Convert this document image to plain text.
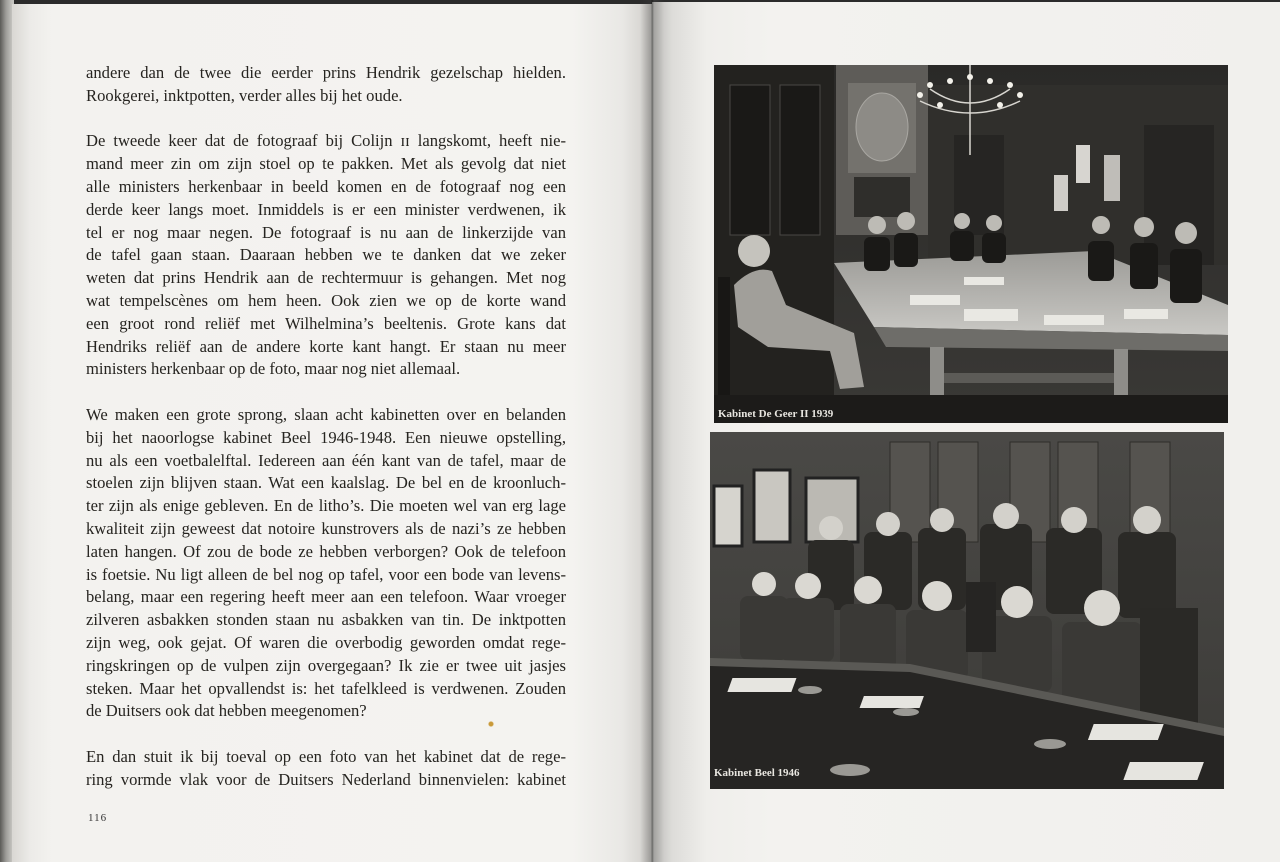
andere dan de twee die eerder prins Hendrik gezelschap hielden.
Rookgerei, inktpotten, verder alles bij het oude.
De tweede keer dat de fotograaf bij Colijn ɪɪ langskomt, heeft nie-
mand meer zin om zijn stoel op te pakken. Met als gevolg dat niet
alle ministers herkenbaar in beeld komen en de fotograaf nog een
derde keer langs moet. Inmiddels is er een minister verdwenen, ik
tel er nog maar negen. De fotograaf is nu aan de linkerzijde van
de tafel gaan staan. Daaraan hebben we te danken dat we zeker
weten dat prins Hendrik aan de rechtermuur is gehangen. Met nog
wat tempelscènes om hem heen. Ook zien we op de korte wand
een groot rond reliëf met Wilhelmina’s beeltenis. Grote kans dat
Hendriks reliëf aan de andere korte kant hangt. Er staan nu meer
ministers herkenbaar op de foto, maar nog niet allemaal.
We maken een grote sprong, slaan acht kabinetten over en belanden
bij het naoorlogse kabinet Beel 1946-1948. Een nieuwe opstelling,
nu als een voetbalelftal. Iedereen aan één kant van de tafel, maar de
stoelen zijn blijven staan. Wat een kaalslag. De bel en de kroonluch-
ter zijn als enige gebleven. En de litho’s. Die moeten wel van erg lage
kwaliteit zijn geweest dat notoire kunstrovers als de nazi’s ze hebben
laten hangen. Of zou de bode ze hebben verborgen? Ook de telefoon
is foetsie. Nu ligt alleen de bel nog op tafel, voor een bode van levens-
belang, maar een regering heeft meer aan een telefoon. Waar vroeger
zilveren asbakken stonden staan nu asbakken van tin. De inktpotten
zijn weg, ook gejat. Of waren die overbodig geworden omdat rege-
ringskringen op de vulpen zijn overgegaan? Ik zie er twee uit jasjes
steken. Maar het opvallendst is: het tafelkleed is verdwenen. Zouden
de Duitsers ook dat hebben meegenomen?
En dan stuit ik bij toeval op een foto van het kabinet dat de rege-
ring vormde vlak voor de Duitsers Nederland binnenvielen: kabinet
116
Kabinet De Geer II 1939
Kabinet Beel 1946
